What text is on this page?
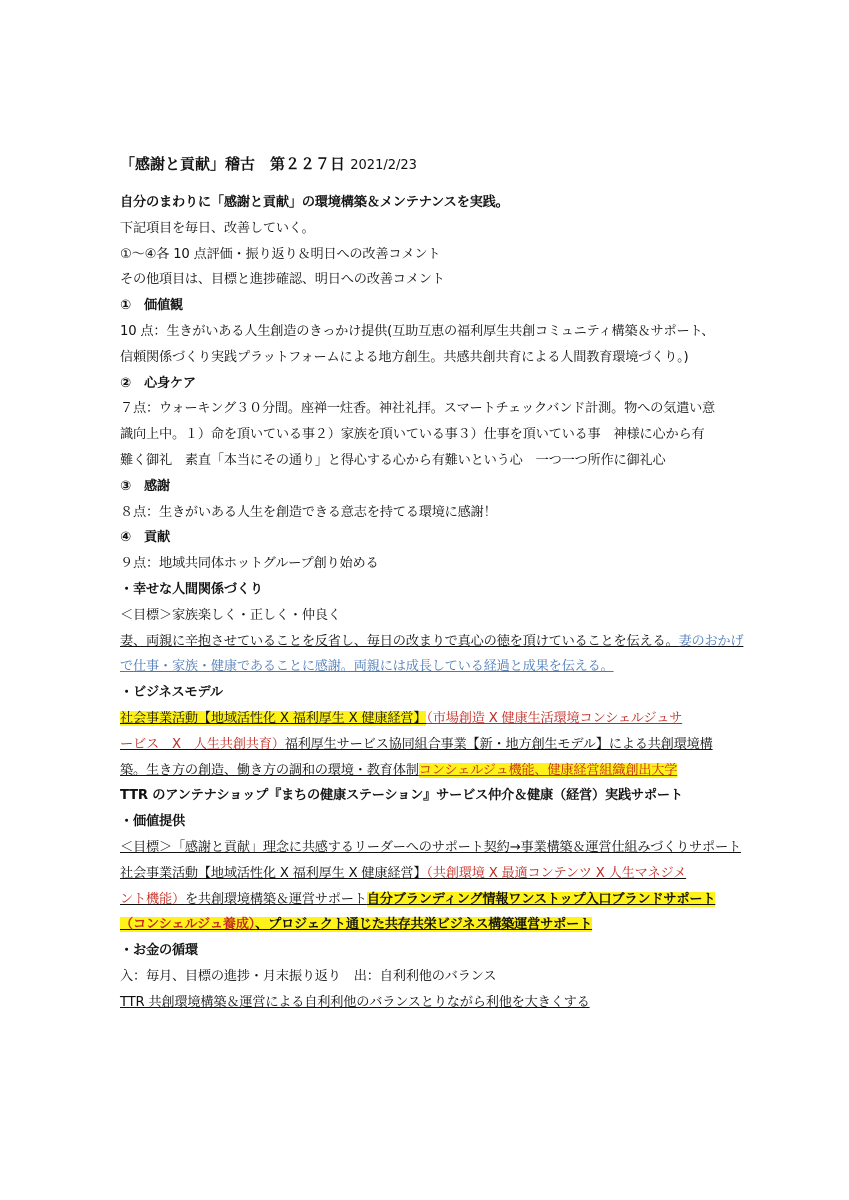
「感謝と貢献」稽古　第２２７日 2021/2/23
自分のまわりに「感謝と貢献」の環境構築＆メンテナンスを実践。
下記項目を毎日、改善していく。
①～④各 10 点評価・振り返り＆明日への改善コメント
その他項目は、目標と進捗確認、明日への改善コメント
①　価値観
10 点：生きがいある人生創造のきっかけ提供(互助互恵の福利厚生共創コミュニティ構築＆サポート、
信頼関係づくり実践プラットフォームによる地方創生。共感共創共育による人間教育環境づくり。)
②　心身ケア
７点：ウォーキング３０分間。座禅一炷香。神社礼拝。スマートチェックバンド計測。物への気遣い意
識向上中。１）命を頂いている事２）家族を頂いている事３）仕事を頂いている事　神様に心から有
難く御礼　素直「本当にその通り」と得心する心から有難いという心　一つ一つ所作に御礼心
③　感謝
８点：生きがいある人生を創造できる意志を持てる環境に感謝！
④　貢献
９点：地域共同体ホットグループ創り始める
・幸せな人間関係づくり
＜目標＞家族楽しく・正しく・仲良く
妻、両親に辛抱させていることを反省し、毎日の改まりで真心の徳を頂けていることを伝える。妻のおかげ
で仕事・家族・健康であることに感謝。両親には成長している経過と成果を伝える。
・ビジネスモデル
社会事業活動【地域活性化 X 福利厚生 X 健康経営】（市場創造 X 健康生活環境コンシェルジュサ
ービス　X　人生共創共育）福利厚生サービス協同組合事業【新・地方創生モデル】による共創環境構
築。生き方の創造、働き方の調和の環境・教育体制コンシェルジュ機能、健康経営組織創出大学
TTR のアンテナショップ『まちの健康ステーション』サービス仲介＆健康（経営）実践サポート
・価値提供
＜目標＞「感謝と貢献」理念に共感するリーダーへのサポート契約→事業構築＆運営仕組みづくりサポート
社会事業活動【地域活性化 X 福利厚生 X 健康経営】（共創環境 X 最適コンテンツ X 人生マネジメ
ント機能）を共創環境構築＆運営サポート自分ブランディング情報ワンストップ入口ブランドサポート
（コンシェルジュ養成）、プロジェクト通じた共存共栄ビジネス構築運営サポート
・お金の循環
入：毎月、目標の進捗・月末振り返り　出：自利利他のバランス
TTR 共創環境構築＆運営による自利利他のバランスとりながら利他を大きくする
